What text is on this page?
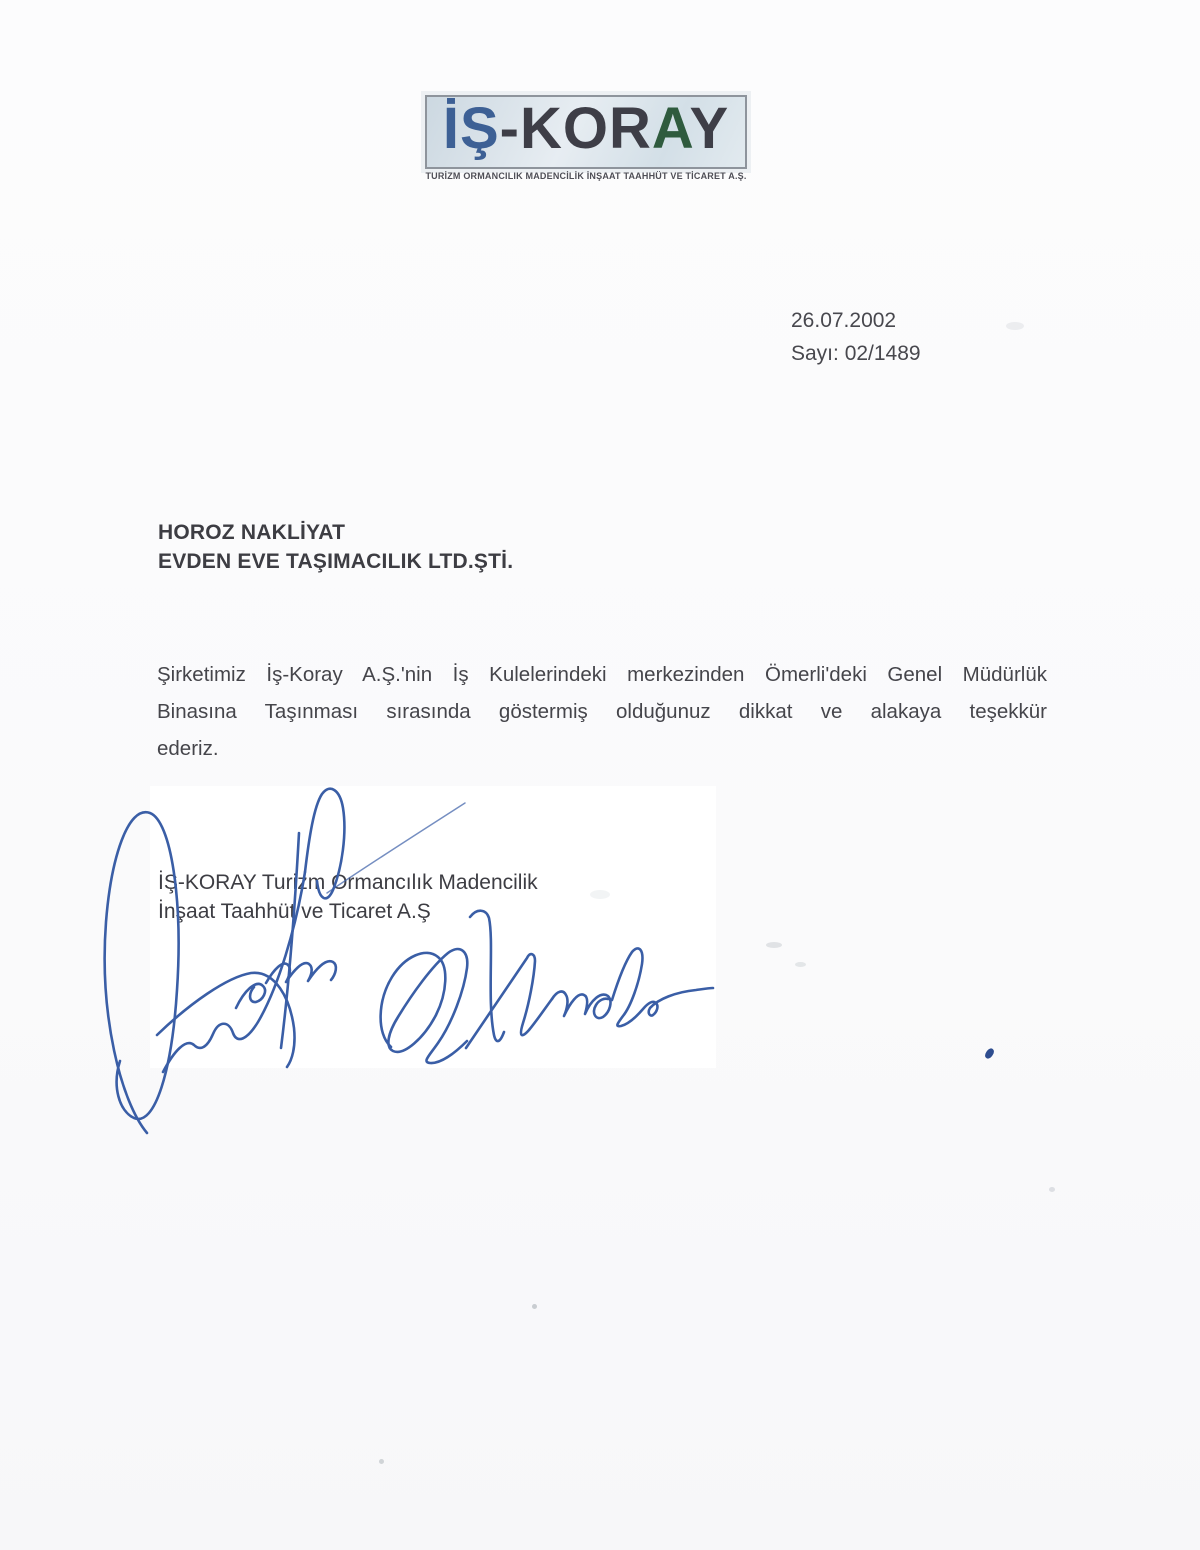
İŞ-KORAY
TURİZM ORMANCILIK MADENCİLİK İNŞAAT TAAHHÜT VE TİCARET A.Ş.
26.07.2002
Sayı: 02/1489
HOROZ NAKLİYAT
EVDEN EVE TAŞIMACILIK LTD.ŞTİ.
Şirketimiz İş-Koray A.Ş.'nin İş Kulelerindeki merkezinden Ömerli'deki Genel Müdürlük
Binasına Taşınması sırasında göstermiş olduğunuz dikkat ve alakaya teşekkür
ederiz.
İŞ-KORAY Turizm Ormancılık Madencilik
İnşaat Taahhüt ve Ticaret A.Ş
